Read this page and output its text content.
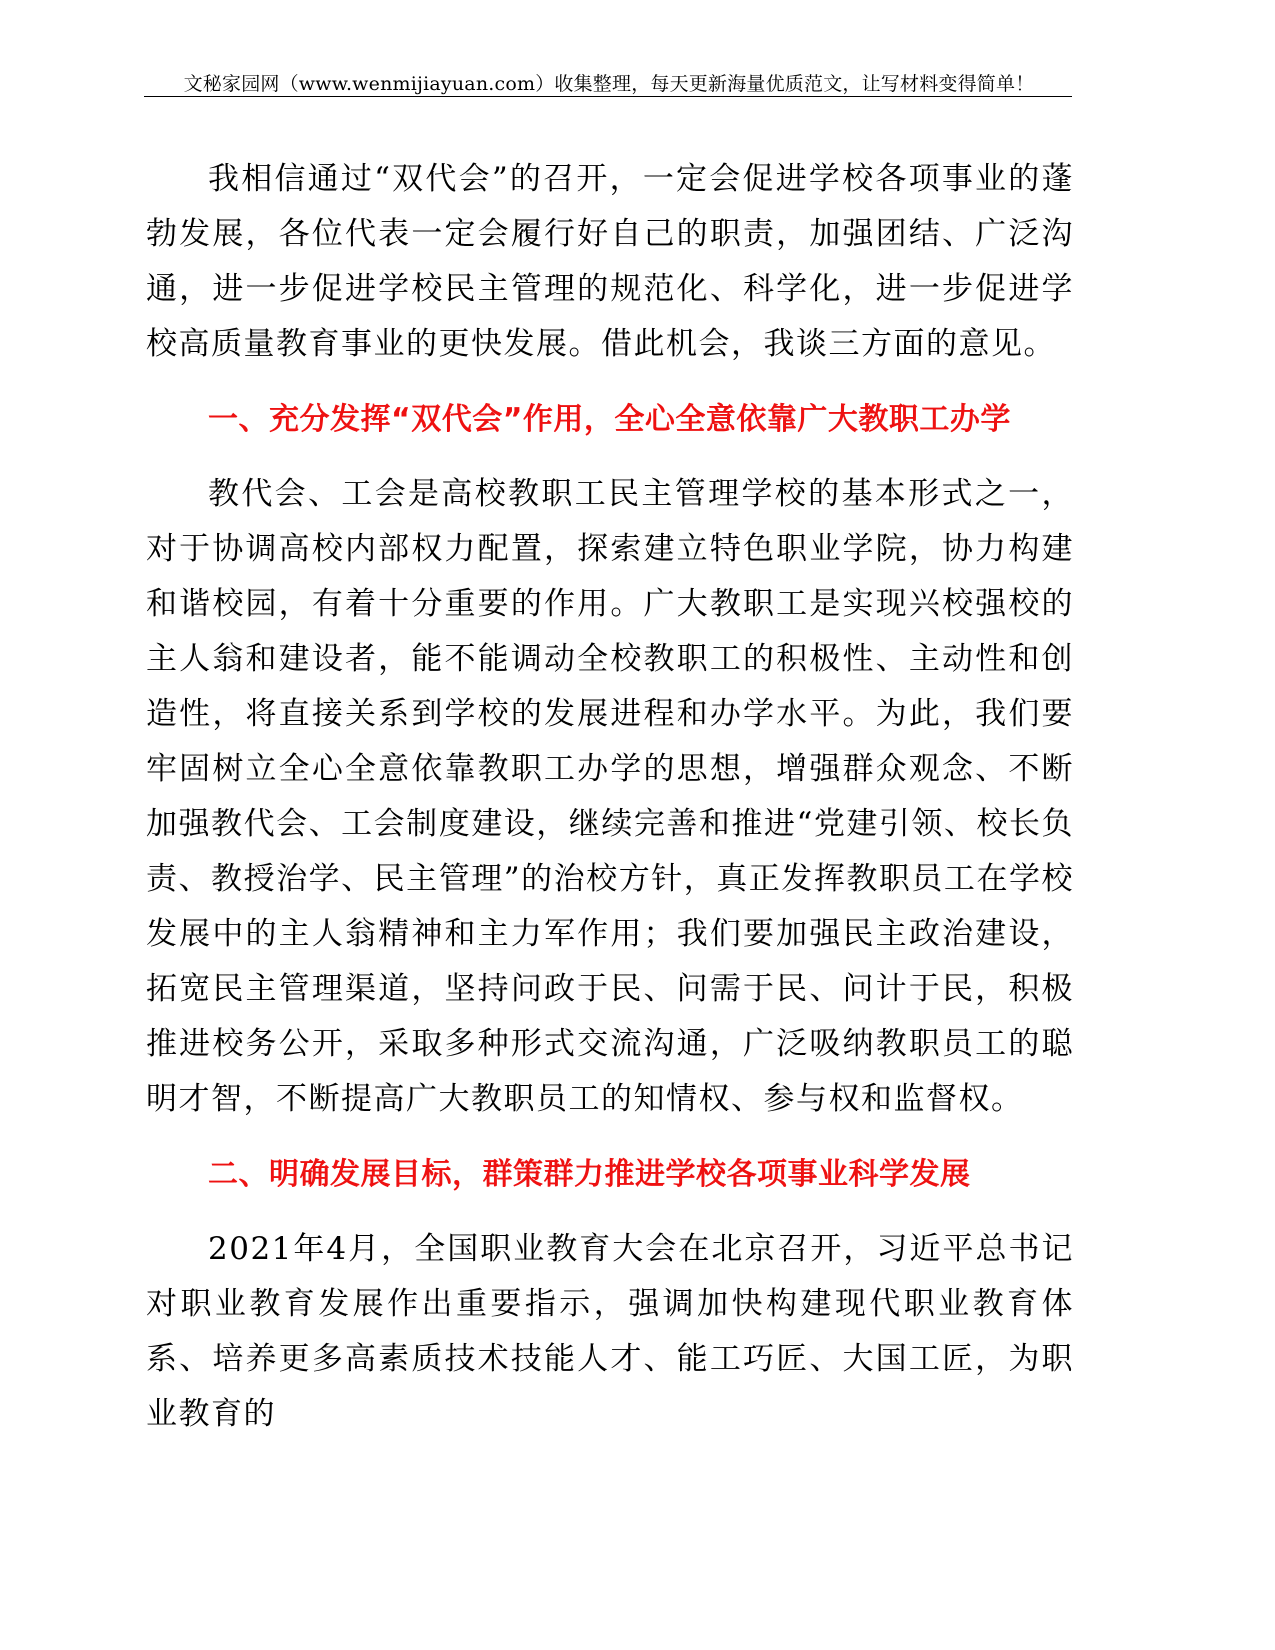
文秘家园网（www.wenmijiayuan.com）收集整理，每天更新海量优质范文，让写材料变得简单！

我相信通过“双代会”的召开，一定会促进学校各项事业的蓬勃发展，各位代表一定会履行好自己的职责，加强团结、广泛沟通，进一步促进学校民主管理的规范化、科学化，进一步促进学校高质量教育事业的更快发展。借此机会，我谈三方面的意见。

一、充分发挥“双代会”作用，全心全意依靠广大教职工办学

教代会、工会是高校教职工民主管理学校的基本形式之一，对于协调高校内部权力配置，探索建立特色职业学院，协力构建和谐校园，有着十分重要的作用。广大教职工是实现兴校强校的主人翁和建设者，能不能调动全校教职工的积极性、主动性和创造性，将直接关系到学校的发展进程和办学水平。为此，我们要牢固树立全心全意依靠教职工办学的思想，增强群众观念、不断加强教代会、工会制度建设，继续完善和推进“党建引领、校长负责、教授治学、民主管理”的治校方针，真正发挥教职员工在学校发展中的主人翁精神和主力军作用；我们要加强民主政治建设，拓宽民主管理渠道，坚持问政于民、问需于民、问计于民，积极推进校务公开，采取多种形式交流沟通，广泛吸纳教职员工的聪明才智，不断提高广大教职员工的知情权、参与权和监督权。

二、明确发展目标，群策群力推进学校各项事业科学发展

2021年4月，全国职业教育大会在北京召开，习近平总书记对职业教育发展作出重要指示，强调加快构建现代职业教育体系、培养更多高素质技术技能人才、能工巧匠、大国工匠，为职业教育的
